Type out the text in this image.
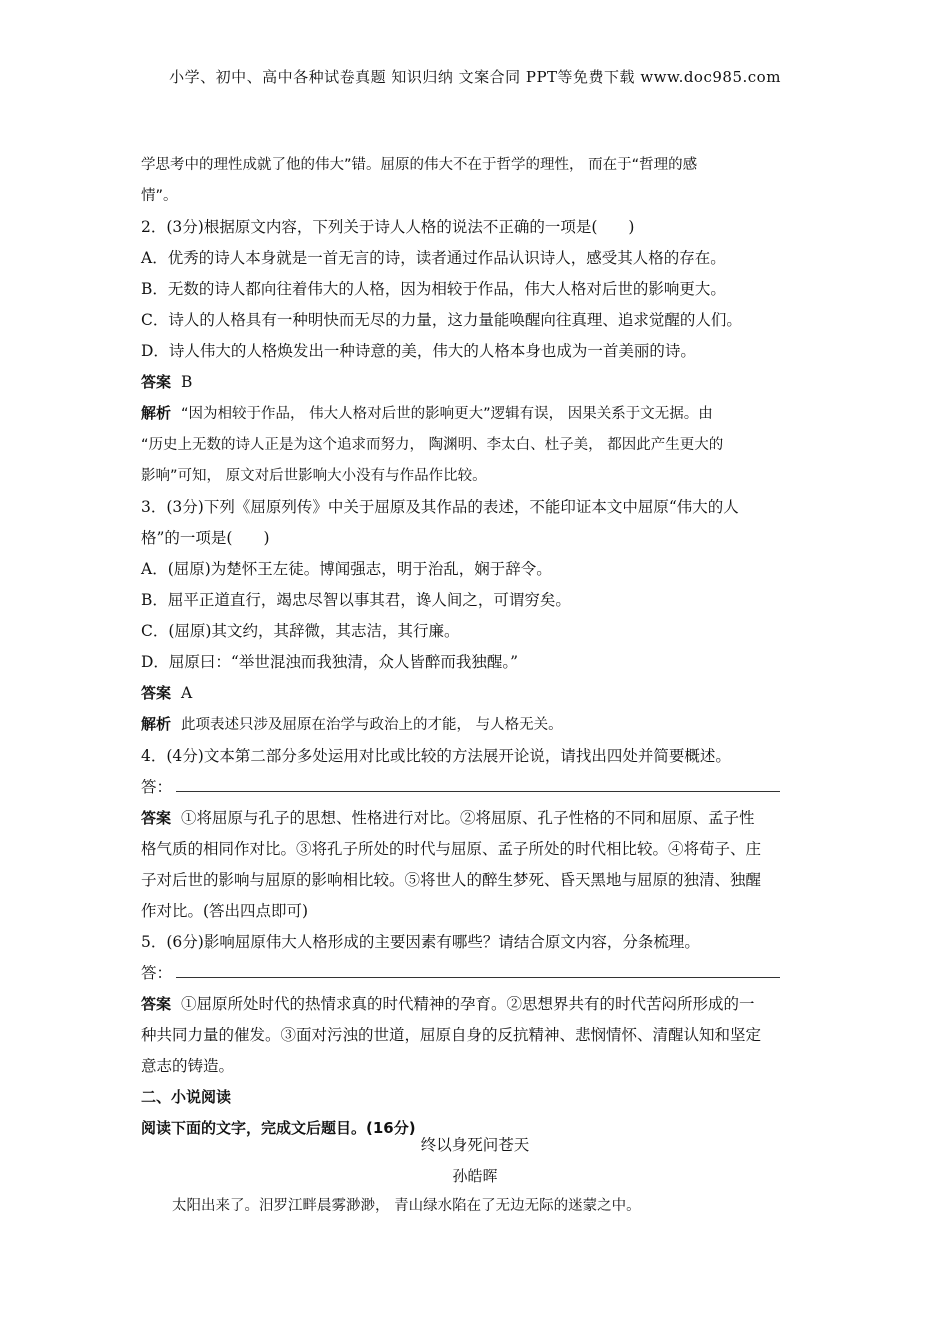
小学、初中、高中各种试卷真题 知识归纳 文案合同 PPT等免费下载 www.doc985.com

学思考中的理性成就了他的伟大”错。屈原的伟大不在于哲学的理性， 而在于“哲理的感

情”。

2．(3分)根据原文内容，下列关于诗人人格的说法不正确的一项是(　　)

A．优秀的诗人本身就是一首无言的诗，读者通过作品认识诗人，感受其人格的存在。

B．无数的诗人都向往着伟大的人格，因为相较于作品，伟大人格对后世的影响更大。

C．诗人的人格具有一种明快而无尽的力量，这力量能唤醒向往真理、追求觉醒的人们。

D．诗人伟大的人格焕发出一种诗意的美，伟大的人格本身也成为一首美丽的诗。

答案 B

解析 “因为相较于作品， 伟大人格对后世的影响更大”逻辑有误， 因果关系于文无据。由

“历史上无数的诗人正是为这个追求而努力， 陶渊明、李太白、杜子美， 都因此产生更大的

影响”可知， 原文对后世影响大小没有与作品作比较。

3．(3分)下列《屈原列传》中关于屈原及其作品的表述，不能印证本文中屈原“伟大的人

格”的一项是(　　)

A．(屈原)为楚怀王左徒。博闻强志，明于治乱，娴于辞令。

B．屈平正道直行，竭忠尽智以事其君，谗人间之，可谓穷矣。

C．(屈原)其文约，其辞微，其志洁，其行廉。

D．屈原曰：“举世混浊而我独清，众人皆醉而我独醒。”

答案 A

解析 此项表述只涉及屈原在治学与政治上的才能， 与人格无关。

4．(4分)文本第二部分多处运用对比或比较的方法展开论说，请找出四处并简要概述。

答：

答案 ①将屈原与孔子的思想、性格进行对比。②将屈原、孔子性格的不同和屈原、孟子性

格气质的相同作对比。③将孔子所处的时代与屈原、孟子所处的时代相比较。④将荀子、庄

子对后世的影响与屈原的影响相比较。⑤将世人的醉生梦死、昏天黑地与屈原的独清、独醒

作对比。(答出四点即可)

5．(6分)影响屈原伟大人格形成的主要因素有哪些？请结合原文内容，分条梳理。

答：

答案 ①屈原所处时代的热情求真的时代精神的孕育。②思想界共有的时代苦闷所形成的一

种共同力量的催发。③面对污浊的世道，屈原自身的反抗精神、悲悯情怀、清醒认知和坚定

意志的铸造。

二、小说阅读

阅读下面的文字，完成文后题目。(16分)

终以身死问苍天
孙皓晖
太阳出来了。汨罗江畔晨雾渺渺， 青山绿水陷在了无边无际的迷蒙之中。
